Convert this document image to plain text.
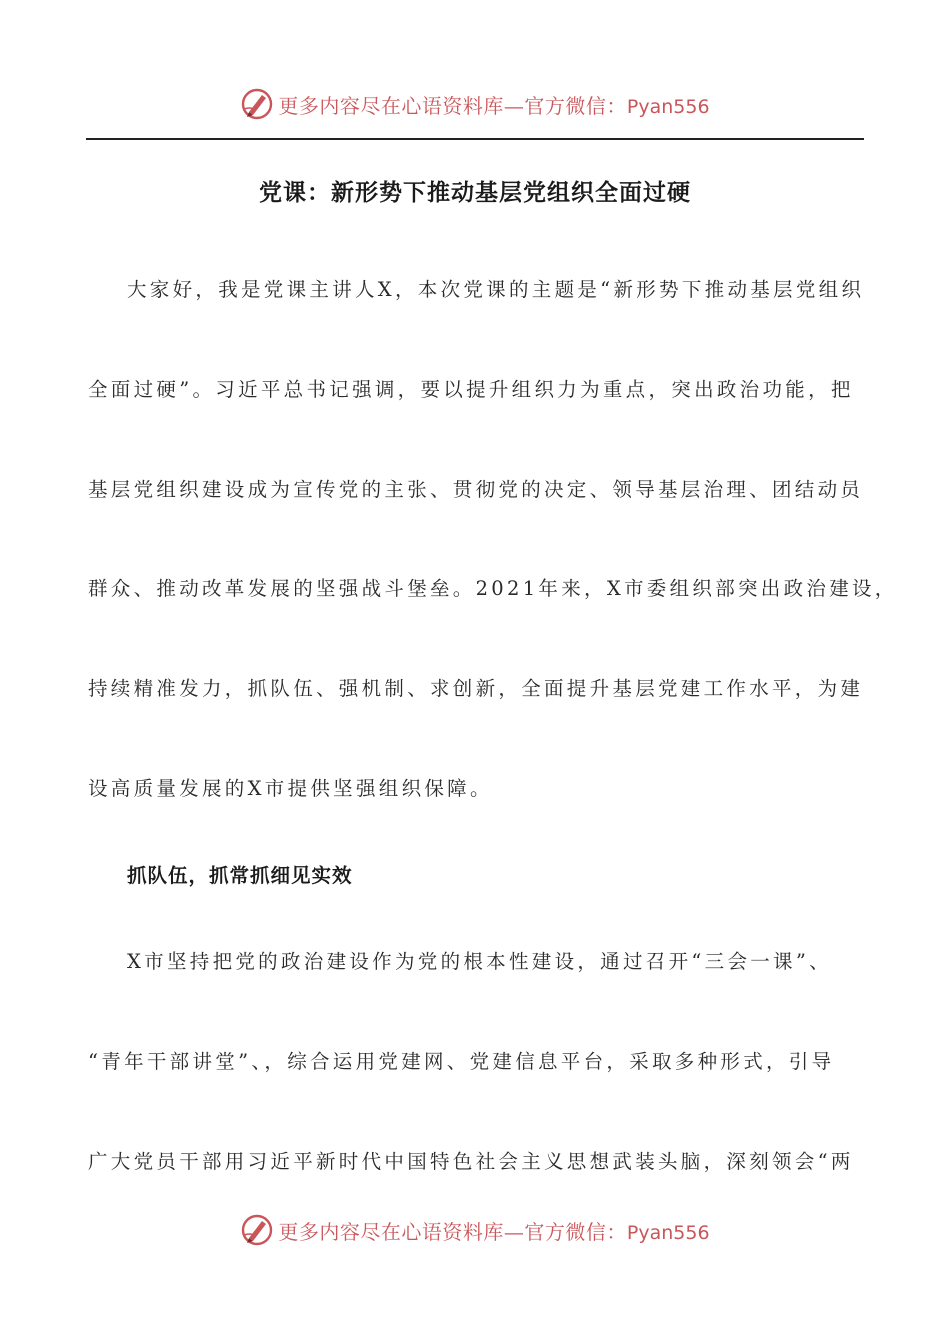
更多内容尽在心语资料库—官方微信：Pyan556
党课：新形势下推动基层党组织全面过硬
大家好，我是党课主讲人X，本次党课的主题是“新形势下推动基层党组织
全面过硬”。习近平总书记强调，要以提升组织力为重点，突出政治功能，把
基层党组织建设成为宣传党的主张、贯彻党的决定、领导基层治理、团结动员
群众、推动改革发展的坚强战斗堡垒。2021年来，X市委组织部突出政治建设，
持续精准发力，抓队伍、强机制、求创新，全面提升基层党建工作水平，为建
设高质量发展的X市提供坚强组织保障。
抓队伍，抓常抓细见实效
X市坚持把党的政治建设作为党的根本性建设，通过召开“三会一课”、
“青年干部讲堂”、，综合运用党建网、党建信息平台，采取多种形式，引导
广大党员干部用习近平新时代中国特色社会主义思想武装头脑，深刻领会“两
更多内容尽在心语资料库—官方微信：Pyan556
